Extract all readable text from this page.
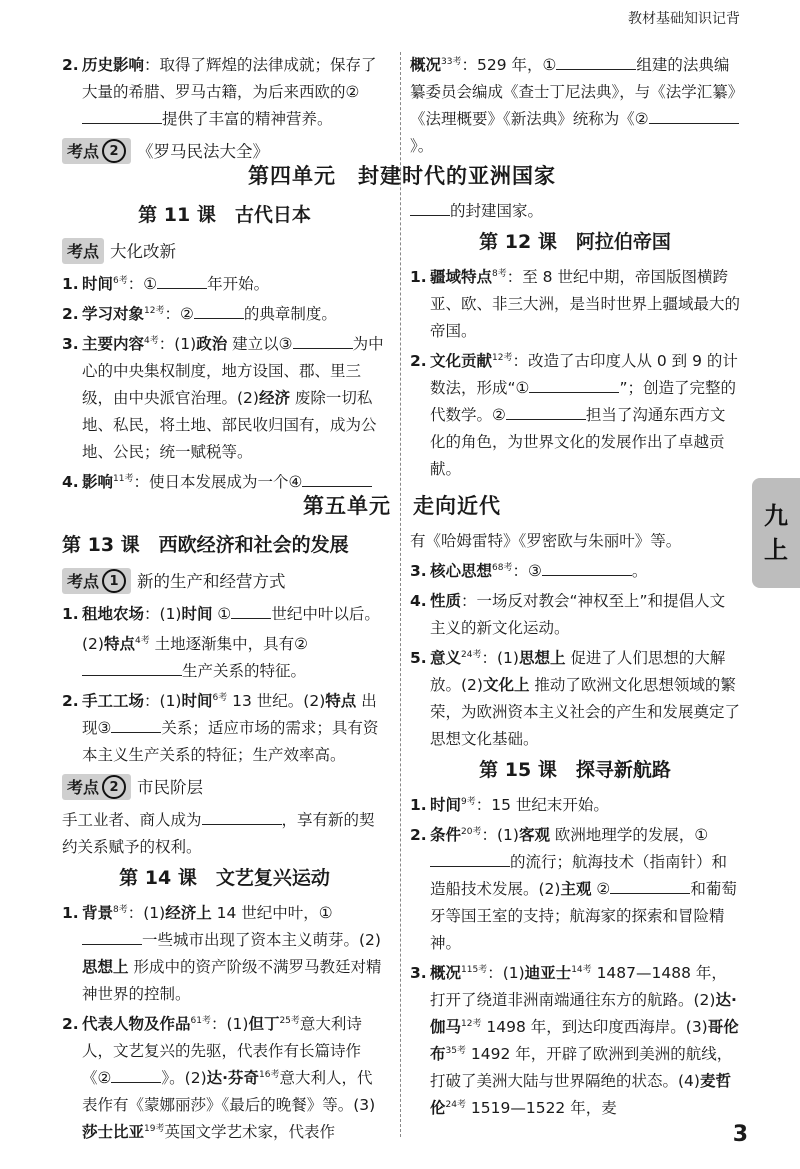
教材基础知识记背
2. 历史影响：取得了辉煌的法律成就；保存了大量的希腊、罗马古籍，为后来西欧的②提供了丰富的精神营养。
考点 2	《罗马民法大全》
第四单元　封建时代的亚洲国家
第 11 课　古代日本
考点 大化改新
1. 时间$^{6考}$：①	年开始。
2. 学习对象$^{12考}$：②	的典章制度。
3. 主要内容$^{4考}$：(1)政治 建立以③	为中心的中央集权制度，地方设国、郡、里三级，由中央派官治理。(2)经济 废除一切私地、私民，将土地、部民收归国有，成为公地、公民；统一赋税等。
4. 影响$^{11考}$：使日本发展成为一个④
概况$^{33考}$：529 年，①	组建的法典编纂委员会编成《查士丁尼法典》，与《法学汇纂》《法理概要》《新法典》统称为《②》。
的封建国家。
第 12 课　阿拉伯帝国
1. 疆域特点$^{8考}$：至 8 世纪中期，帝国版图横跨亚、欧、非三大洲，是当时世界上疆域最大的帝国。
2. 文化贡献$^{12考}$：改造了古印度人从 0 到 9 的计数法，形成“①	”；创造了完整的代数学。②	担当了沟通东西方文化的角色，为世界文化的发展作出了卓越贡献。
第五单元　走向近代
第 13 课　西欧经济和社会的发展
考点 1	新的生产和经营方式
1. 租地农场：(1)时间 ①	世纪中叶以后。
(2)特点$^{4考}$ 土地逐渐集中，具有②生产关系的特征。
2. 手工工场：(1)时间$^{6考}$ 13 世纪。(2)特点 出现③	关系；适应市场的需求；具有资本主义生产关系的特征；生产效率高。
考点 2	市民阶层
手工业者、商人成为	，享有新的契约关系赋予的权利。
第 14 课　文艺复兴运动
1. 背景$^{8考}$：(1)经济上 14 世纪中叶，①一些城市出现了资本主义萌芽。(2)思想上 形成中的资产阶级不满罗马教廷对精神世界的控制。
2. 代表人物及作品$^{61考}$：(1)但丁$^{25考}$意大利诗人，文艺复兴的先驱，代表作有长篇诗作《②	》。(2)达·芬奇$^{16考}$意大利人，代表作有《蒙娜丽莎》《最后的晚餐》等。(3)莎士比亚$^{19考}$英国文学艺术家，代表作
有《哈姆雷特》《罗密欧与朱丽叶》等。
3. 核心思想$^{68考}$：③	。
4. 性质：一场反对教会“神权至上”和提倡人文主义的新文化运动。
5. 意义$^{24考}$：(1)思想上 促进了人们思想的大解放。(2)文化上 推动了欧洲文化思想领域的繁荣，为欧洲资本主义社会的产生和发展奠定了思想文化基础。
第 15 课　探寻新航路
1. 时间$^{9考}$：15 世纪末开始。
2. 条件$^{20考}$：(1)客观 欧洲地理学的发展，①的流行；航海技术（指南针）和造船技术发展。(2)主观 ②	和葡萄牙等国王室的支持；航海家的探索和冒险精神。
3. 概况$^{115考}$：(1)迪亚士$^{14考}$ 1487—1488 年，打开了绕道非洲南端通往东方的航路。(2)达·伽马$^{12考}$ 1498 年，到达印度西海岸。(3)哥伦布$^{35考}$ 1492 年，开辟了欧洲到美洲的航线，打破了美洲大陆与世界隔绝的状态。(4)麦哲伦$^{24考}$ 1519—1522 年，麦
九
上
3
